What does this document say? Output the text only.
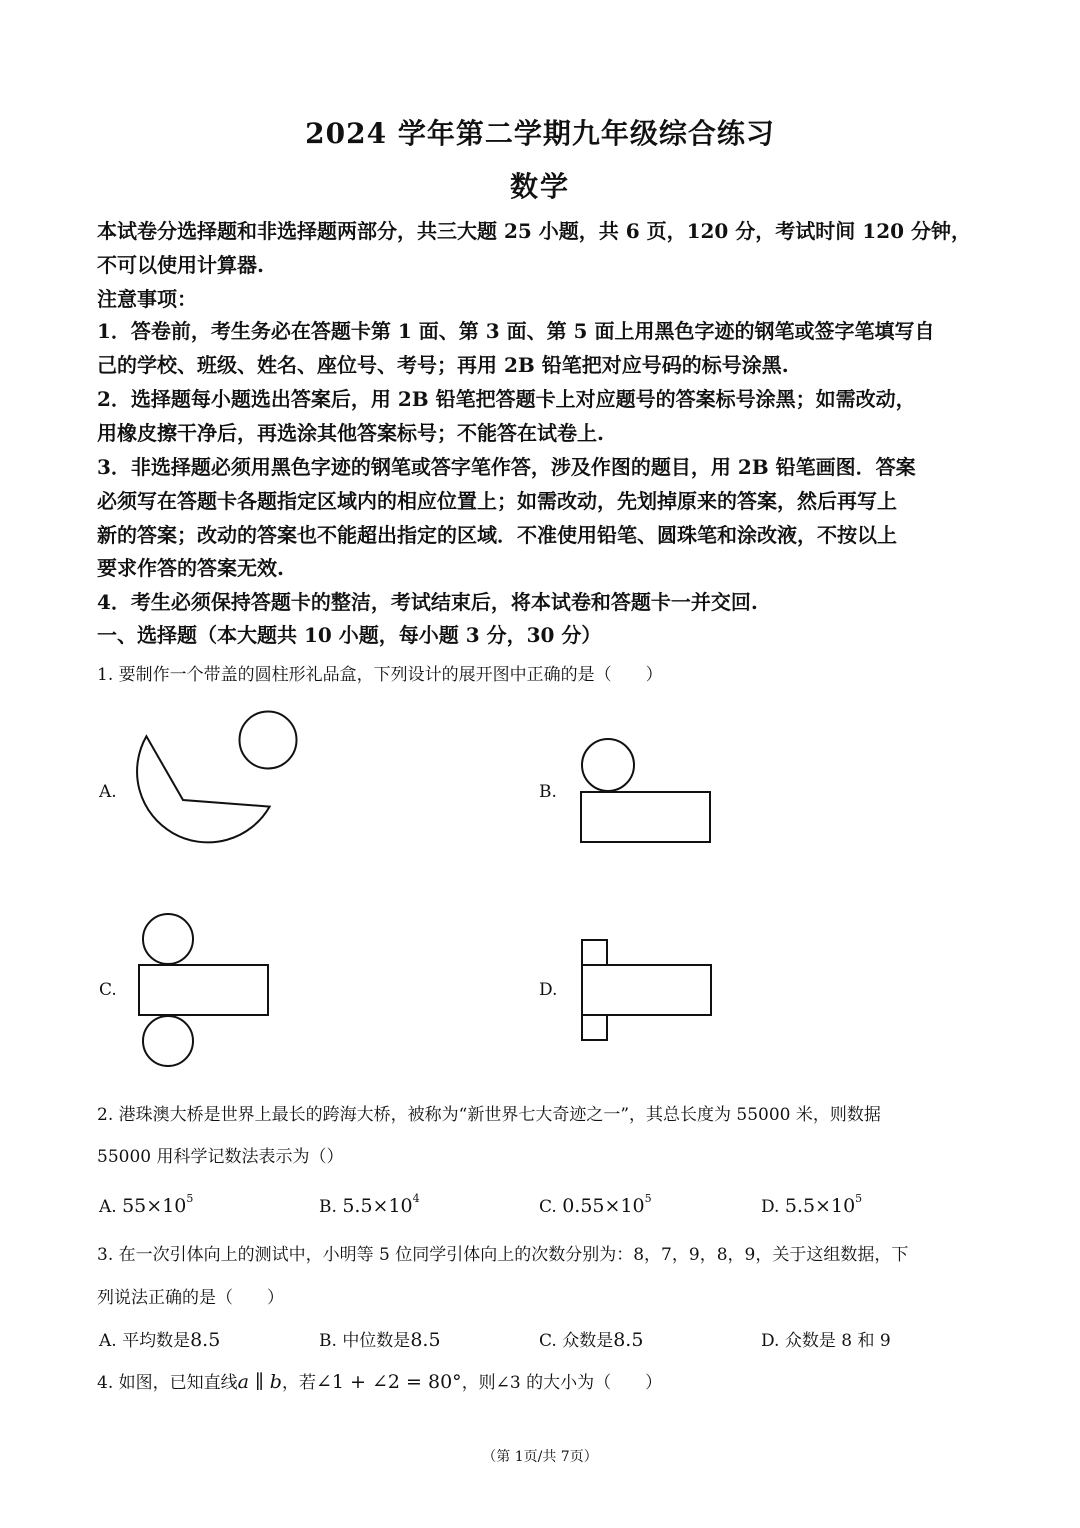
2024 学年第二学期九年级综合练习
数学
本试卷分选择题和非选择题两部分，共三大题 25 小题，共 6 页，120 分，考试时间 120 分钟，
不可以使用计算器.
注意事项：
1．答卷前，考生务必在答题卡第 1 面、第 3 面、第 5 面上用黑色字迹的钢笔或签字笔填写自
己的学校、班级、姓名、座位号、考号；再用 2B 铅笔把对应号码的标号涂黑.
2．选择题每小题选出答案后，用 2B 铅笔把答题卡上对应题号的答案标号涂黑；如需改动，
用橡皮擦干净后，再选涂其他答案标号；不能答在试卷上.
3．非选择题必须用黑色字迹的钢笔或答字笔作答，涉及作图的题目，用 2B 铅笔画图．答案
必须写在答题卡各题指定区域内的相应位置上；如需改动，先划掉原来的答案，然后再写上
新的答案；改动的答案也不能超出指定的区域．不准使用铅笔、圆珠笔和涂改液，不按以上
要求作答的答案无效.
4．考生必须保持答题卡的整洁，考试结束后，将本试卷和答题卡一并交回.
一、选择题（本大题共 10 小题，每小题 3 分，30 分）
1. 要制作一个带盖的圆柱形礼品盒，下列设计的展开图中正确的是（　　）
A.	B.
C.	D.
2. 港珠澳大桥是世界上最长的跨海大桥，被称为“新世界七大奇迹之一”，其总长度为 55000 米，则数据
55000 用科学记数法表示为（）
A. $55\times 10^5$	B. $5.5\times 10^4$	C. $0.55\times 10^5$	D. $5.5\times 10^5$
3. 在一次引体向上的测试中，小明等 5 位同学引体向上的次数分别为：8，7，9，8，9，关于这组数据，下
列说法正确的是（　　）
A. 平均数是8.5	B. 中位数是8.5	C. 众数是8.5	D. 众数是 8 和 9
4. 如图，已知直线a ∥ b，若∠1 + ∠2 = 80°，则∠3 的大小为（　　）
（第 1页/共 7页）
